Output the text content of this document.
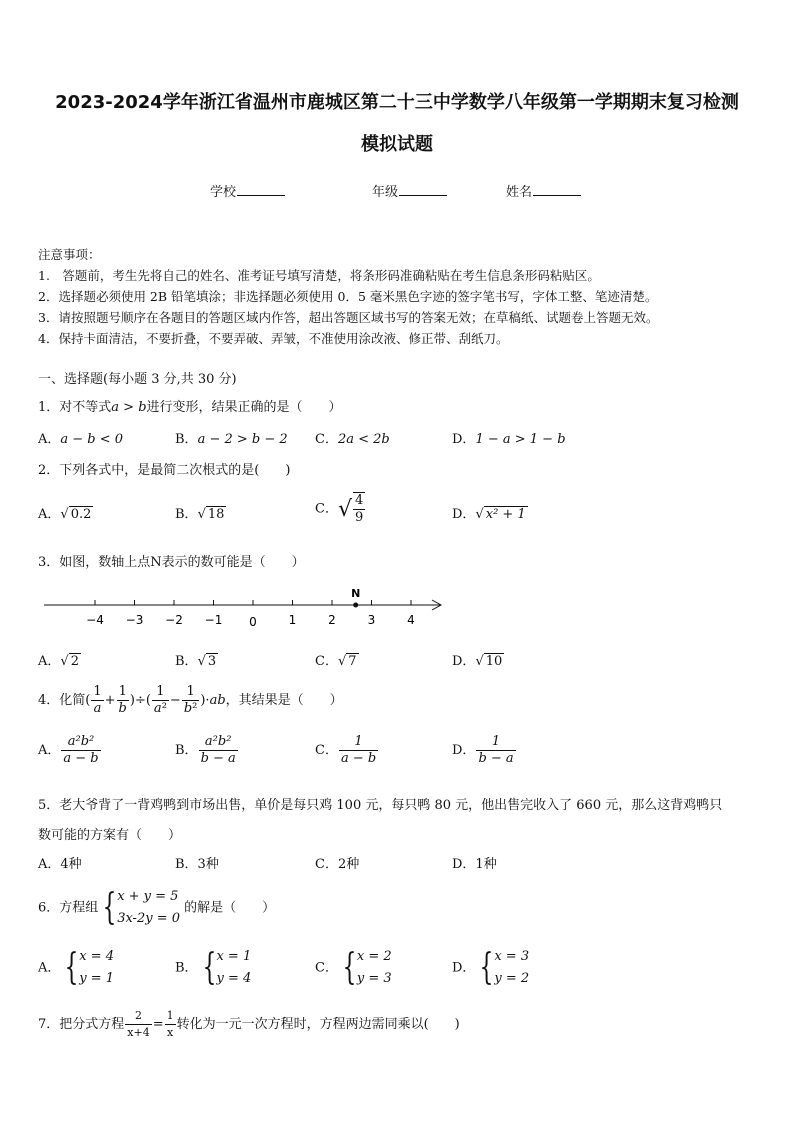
2023-2024学年浙江省温州市鹿城区第二十三中学数学八年级第一学期期末复习检测
模拟试题
学校	年级	姓名
注意事项：
1.　答题前，考生先将自己的姓名、准考证号填写清楚，将条形码准确粘贴在考生信息条形码粘贴区。
2．选择题必须使用 2B 铅笔填涂；非选择题必须使用 0．5 毫米黑色字迹的签字笔书写，字体工整、笔迹清楚。
3．请按照题号顺序在各题目的答题区域内作答，超出答题区域书写的答案无效；在草稿纸、试题卷上答题无效。
4．保持卡面清洁，不要折叠，不要弄破、弄皱，不准使用涂改液、修正带、刮纸刀。
一、选择题(每小题 3 分,共 30 分)
1．对不等式a > b进行变形，结果正确的是（　　）
A．a − b < 0	B．a − 2 > b − 2 C．2a < 2b	D．1 − a > 1 − b
2．下列各式中，是最简二次根式的是(　　)
A．√ 0.2	B．√ 18	C．√ $\frac{4}{9}$	D．√ x² + 1
3．如图，数轴上点N表示的数可能是（　　）
−4 −3 −2 −1 0	1	2	3	4
N
A．√ 2	B．√ 3	C．√ 7	D．√ 10
4．化简( $\frac{1}{a} + \frac{1}{b}$ )÷( $\frac{1}{\text{a²}} - \frac{1}{\text{b²}} )\cdot ab$，其结果是（　　）
A． $\frac{\text{a²b²}}{a - b}$	B． $\frac{\text{a²b²}}{b - a}$	C． $\frac{1}{a - b}$	D． $\frac{1}{b - a}$
5．老大爷背了一背鸡鸭到市场出售，单价是每只鸡 100 元，每只鸭 80 元，他出售完收入了 660 元，那么这背鸡鸭只
数可能的方案有（　　）
A．4种	B．3种	C．2种	D．1种
6．方程组 {x + y = 5
3x-2y = 0 的解是（　　）
A． {x = 4
y = 1
B． {x = 1
y = 4
C． {x = 2
y = 3
D． {x = 3
y = 2
7．把分式方程 $\frac{2}{x+4} = \frac{1}{x}$ 转化为一元一次方程时，方程两边需同乘以(　　)
